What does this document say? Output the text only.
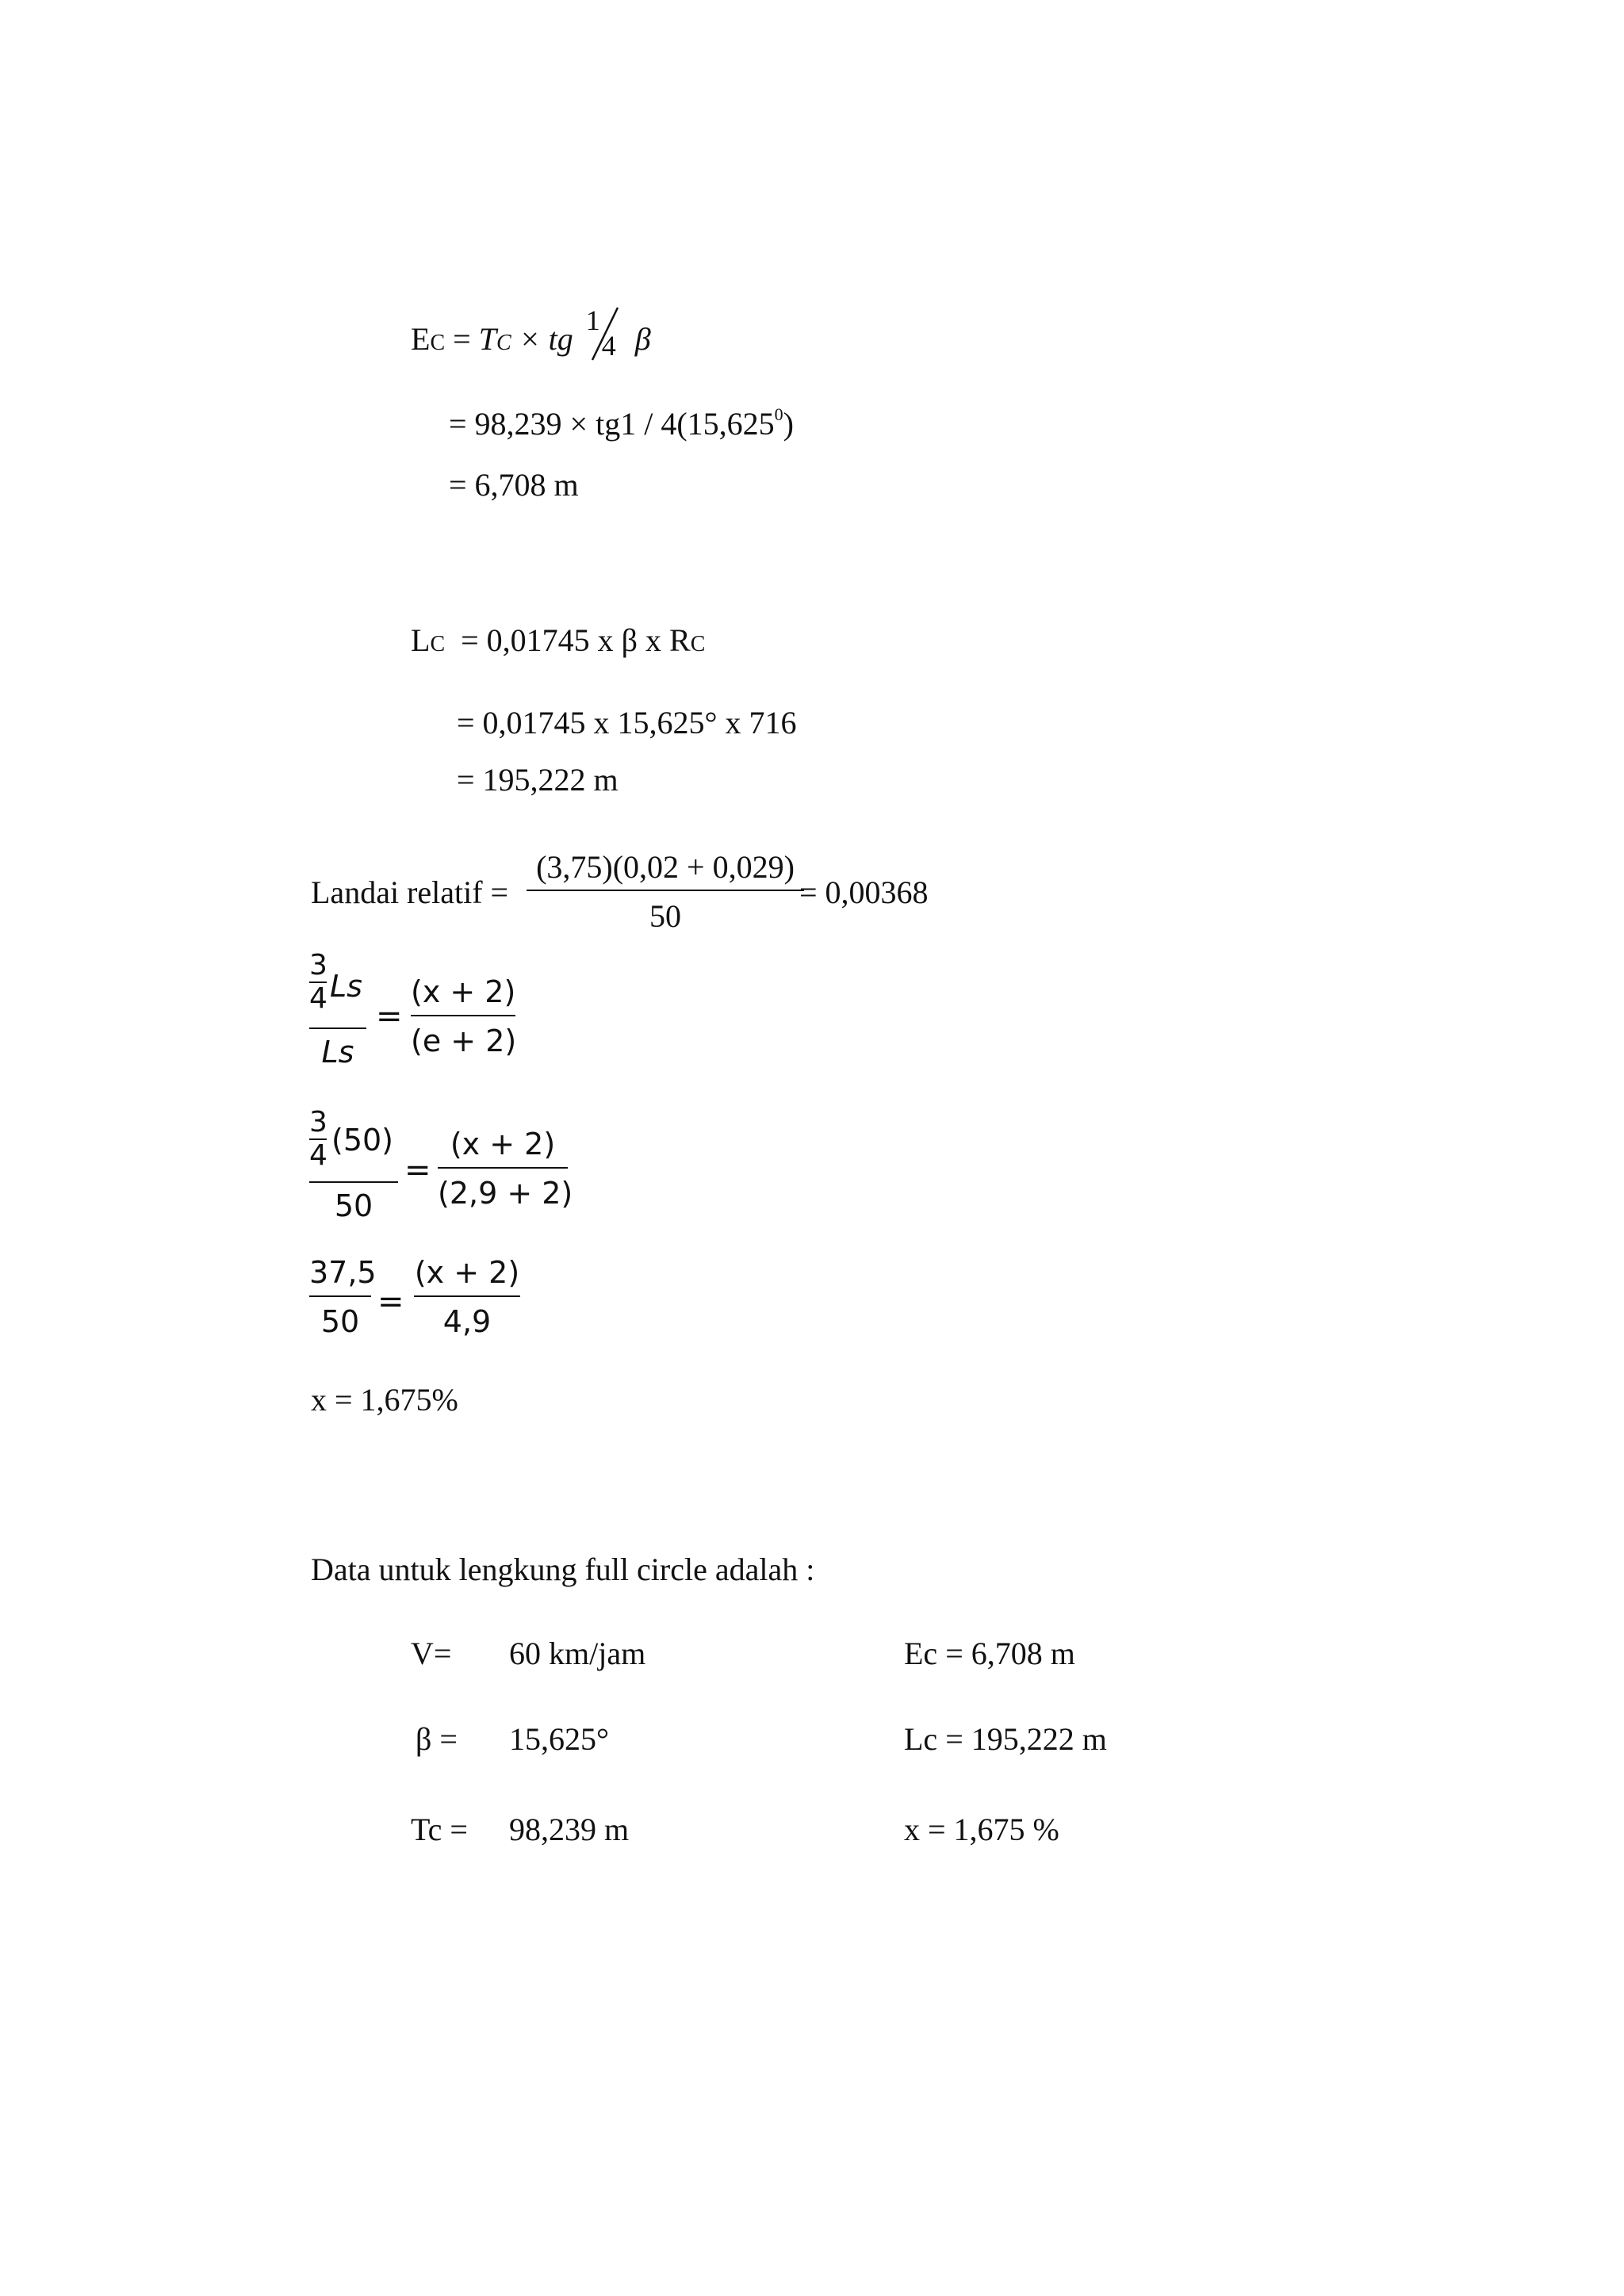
EC = TC × tg
1
4 β
= $98,239 \times tg1 / 4(15,625^0)$
= 6,708 m
LC = 0,01745 x β x RC
= 0,01745 x 15,625° x 716
= 195,222 m
Landai relatif =
(3,75)(0,02 + 0,029)
50
= 0,00368
3
4 Ls
Ls
=
(x + 2)
(e + 2)
3
4 (50)
50
=
(x + 2)
(2,9 + 2)
37,5
50
=
(x + 2)
4,9
x = 1,675%
Data untuk lengkung full circle adalah :
V= 60 km/jam	Ec = 6,708 m
β = 15,625°	Lc = 195,222 m
Tc = 98,239 m	x = 1,675 %
